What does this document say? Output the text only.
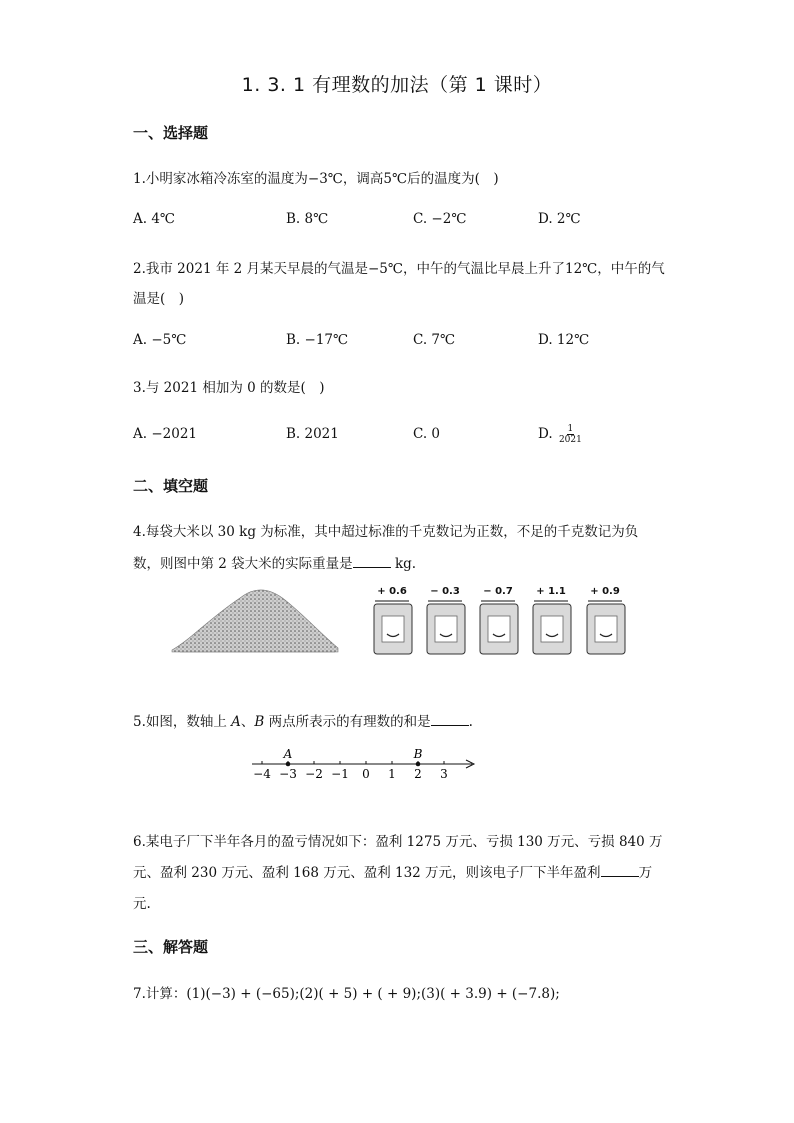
1. 3. 1 有理数的加法（第 1 课时）
一、选择题
1.小明家冰箱冷冻室的温度为−3℃，调高5℃后的温度为(　)
A. 4℃	B. 8℃	C. −2℃	D. 2℃
2.我市 2021 年 2 月某天早晨的气温是−5℃，中午的气温比早晨上升了12℃，中午的气
温是(　)
A. −5℃	B. −17℃	C. 7℃	D. 12℃
3.与 2021 相加为 0 的数是(　)
A. −2021	B. 2021	C. 0	D. $\frac{1}{2021}$
二、填空题
4.每袋大米以 30 kg 为标准，其中超过标准的千克数记为正数，不足的千克数记为负
数，则图中第 2 袋大米的实际重量是	kg.
+ 0.6	− 0.3	− 0.7	+ 1.1	+ 0.9
5.如图，数轴上 A、B 两点所表示的有理数的和是	.
−4 −3 −2 −1 0 1 2 3
A	B
6.某电子厂下半年各月的盈亏情况如下：盈利 1275 万元、亏损 130 万元、亏损 840 万
元、盈利 230 万元、盈利 168 万元、盈利 132 万元，则该电子厂下半年盈利	万
元.
三、解答题
7.计算：(1)(−3) + (−65);(2)( + 5) + ( + 9);(3)( + 3.9) + (−7.8);
